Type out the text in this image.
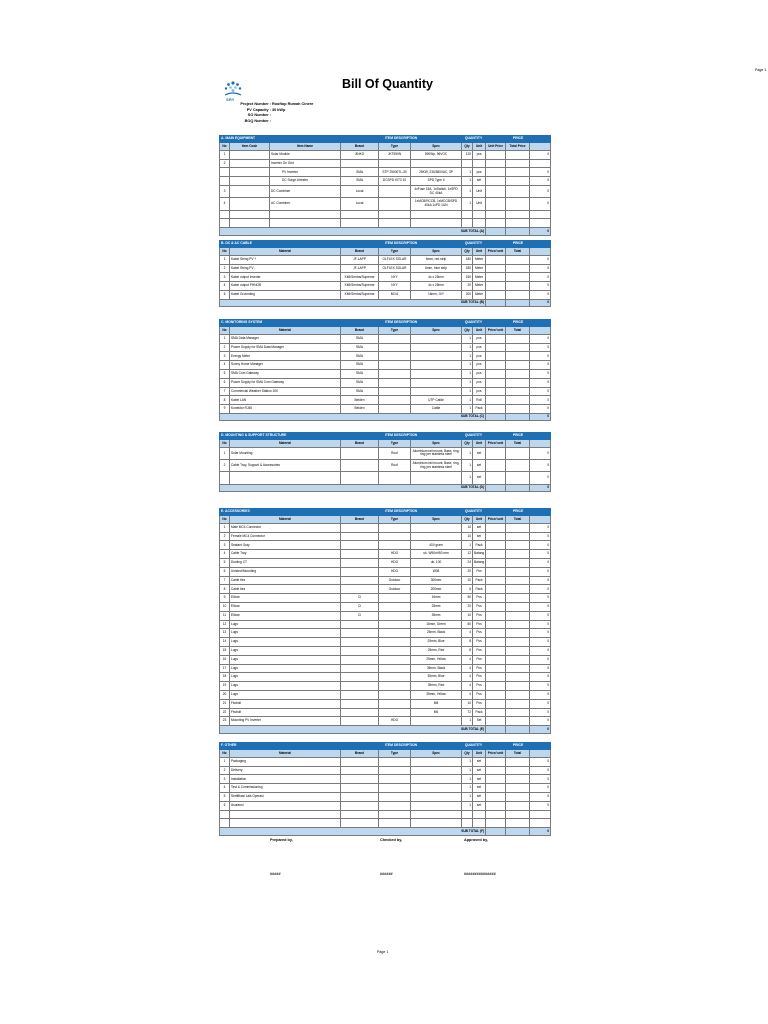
Page 1
SRY
Bill Of Quantity
Project Number : Rooftop Rumah Cinere
PV Capacity : 30 kWp
SO Number :
BOQ Number :
A. MAIN EQUIPMENT			ITEM DESCRIPTION			QUANTITY		PRICE		
No	Item Code	Item Name	Brand	Type	Spec	Qty	Unit	Unit Price	Total Price	
1		Solar Module	JINKO	JKT590N	590Wp, 96VOC	120	pcs			0
2		Inverter On Grid								
		PV Inverter	SMA	STP 25000TL-30	25KW, 230/380VAC, 3P	1	pcs			0
		DC Surge Arrester	SMA	DCSPD KIT3 10	SPD Type II	1	set			0
3		DC Combiner	Local		4xFuse 15A, 1xSwitch, 1xSPD DC 40kA	1	Unit			0
4		AC Combiner	Local		1xMCB/RCCB, 1xMCCB/SPD 40kA 1xPD 1UN	1	Unit			0

SUB TOTAL (A)										0
B. DC & AC CABLE		ITEM DESCRIPTION			QUANTITY		PRICE		
No	Material	Brand	Type	Spec	Qty	Unit	Price/ unit	Total	
1	Kabel String PV +	JF-LAPP	OLFLEX SOLAR	6mm, red strip	180	Meter			0
2	Kabel String PV -	JF-LAPP	OLFLEX SOLAR	6mm, blue strip	180	Meter			0
3	Kabel output Inverter	KMI/Sentra/Supreme	NYY	4c x 25mm	150	Meter			0
4	Kabel output PHNOB	KMI/Sentra/Supreme	NYY	4c x 25mm	20	Meter			0
5	Kabel Grounding	KMI/Sentra/Supreme	BC/A	16mm, G/Y	200	Meter			0
SUB TOTAL (B)									0
C. MONITORING SYSTEM		ITEM DESCRIPTION			QUANTITY		PRICE		
No	Material	Brand	Type	Spec	Qty	Unit	Price/ unit	Total	
1	SMA Data Manager	SMA			1	pcs			0
2	Power Supply for SMA Data Manager	SMA			1	pcs			0
3	Energy Meter	SMA			1	pcs			0
4	Sunny Home Manager	SMA			1	pcs			0
5	SMA Com Gateway	SMA			1	pcs			0
6	Power Supply for SMA Com Gateway	SMA			1	pcs			0
7	Commercial Weather Station 200	SMA			1	pcs			0
8	Kabel LAN	Belden		UTP Cat6e	1	Roll			0
9	Konektor RJ45	Belden		Cat6e	1	Pack			0
SUB TOTAL (C)									0
D. MOUNTING & SUPPORT STRUCTURE		ITEM DESCRIPTION			QUANTITY		PRICE		
No	Material	Brand	Type	Spec	Qty	Unit	Price/ unit	Total	
1	Solar Mounting		Roof	Aluminium rail mount, Base, ring, ring per stainless steel	1	set			0
2	Cable Tray, Support & Accessories		Roof	Aluminium rail mount, Base, ring, ring per stainless steel	1	set			0
					1	set			0
SUB TOTAL (D)									0
E. ACCESSORIES		ITEM DESCRIPTION			QUANTITY		PRICE		
No	Material	Brand	Type	Spec	Qty	Unit	Price/ unit	Total	
1	Male MC4 Connector				10	set			0
2	Female MC4 Connector				10	set			0
3	Sealant Gray			400 gram	1	Pack			0
4	Cable Tray		HDG	uk. W50xH50 mm	12	Batang			0
5	Ducting CT		HDG	uk. 100	24	Batang			0
6	Unistrut/Mounting		HDG	W08	20	Pcs			0
7	Cable ties		Outdoor	300mm	10	Pack			0
8	Cable ties		Outdoor	200mm	5	Pack			0
9	Elbow	Cl		16mm	50	Pcs			0
10	Elbow	Cl		25mm	20	Pcs			0
11	Elbow	Cl		35mm	10	Pcs			0
12	Lugs			16mm, Green	50	Pcs			0
13	Lugs			25mm, Black	4	Pcs			0
14	Lugs			25mm, Blue	8	Pcs			0
15	Lugs			25mm, Red	8	Pcs			0
16	Lugs			25mm, Yellow	4	Pcs			0
17	Lugs			35mm, Black	4	Pcs			0
18	Lugs			35mm, Blue	4	Pcs			0
19	Lugs			35mm, Red	4	Pcs			0
20	Lugs			35mm, Yellow	4	Pcs			0
21	Fiwbolt			M8	10	Pcs			0
22	Fiwbolt			M6	72	Pack			0
23	Mounting PV Inverter		HDG		1	Set			0
SUB TOTAL (E)									0
F. OTHER		ITEM DESCRIPTION			QUANTITY		PRICE		
No	Material	Brand	Type	Spec	Qty	Unit	Price/ unit	Total	
1	Packaging				1	set			0
2	Delivery				1	set			0
3	Installation				1	set			0
4	Test & Commissioning				1	set			0
5	Sertifikasi Laik Operasi				1	set			0
6	Asuransi				1	set			0

SUB TOTAL (F)									0
Prepared by,
#####
Checked by,
######
Approved by,
###############
Page 1
